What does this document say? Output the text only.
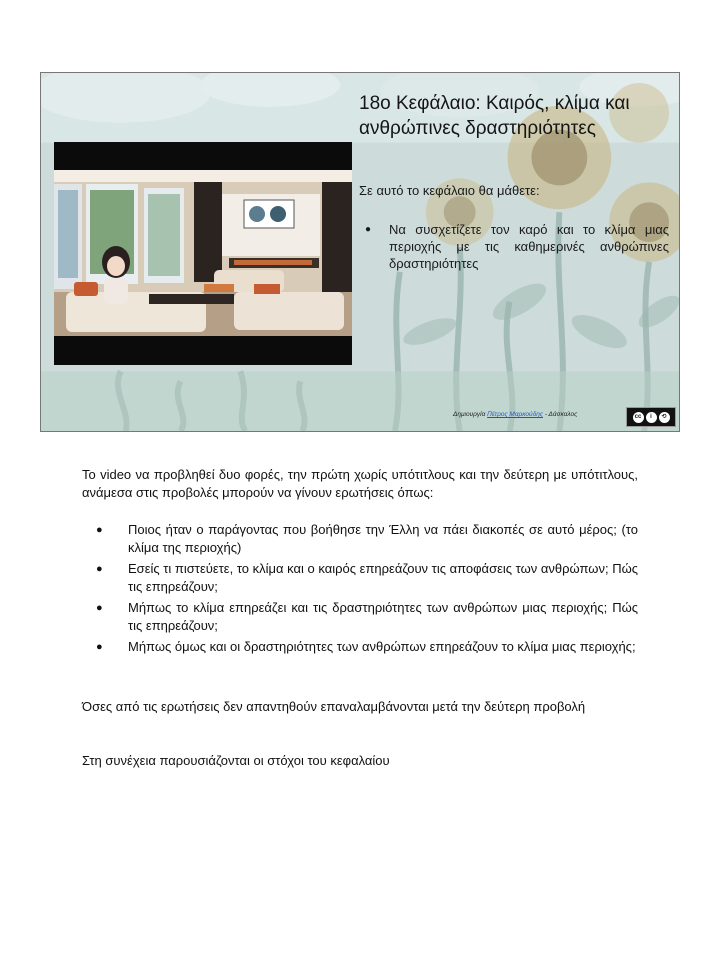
18ο Κεφάλαιο: Καιρός, κλίμα και ανθρώπινες δραστηριότητες
Σε αυτό το κεφάλαιο θα μάθετε:
● Να συσχετίζετε τον καρό και το κλίμα μιας περιοχής με τις καθημερινές ανθρώπινες δραστηριότητες
Δημιουργία Πέτρος Μαρκούδης - Δάσκαλος	cc	i	⟲

Το video να προβληθεί δυο φορές, την πρώτη χωρίς υπότιτλους και την δεύτερη με υπότιτλους, ανάμεσα στις προβολές μπορούν να γίνουν ερωτήσεις όπως:

● Ποιος ήταν ο παράγοντας που βοήθησε την Έλλη να πάει διακοπές σε αυτό μέρος; (το κλίμα της περιοχής)
● Εσείς τι πιστεύετε, το κλίμα και ο καιρός επηρεάζουν τις αποφάσεις των ανθρώπων; Πώς τις επηρεάζουν;
● Μήπως το κλίμα επηρεάζει και τις δραστηριότητες των ανθρώπων μιας περιοχής; Πώς τις επηρεάζουν;
● Μήπως όμως και οι δραστηριότητες των ανθρώπων επηρεάζουν το κλίμα μιας περιοχής;

Όσες από τις ερωτήσεις δεν απαντηθούν επαναλαμβάνονται μετά την δεύτερη προβολή

Στη συνέχεια παρουσιάζονται οι στόχοι του κεφαλαίου
